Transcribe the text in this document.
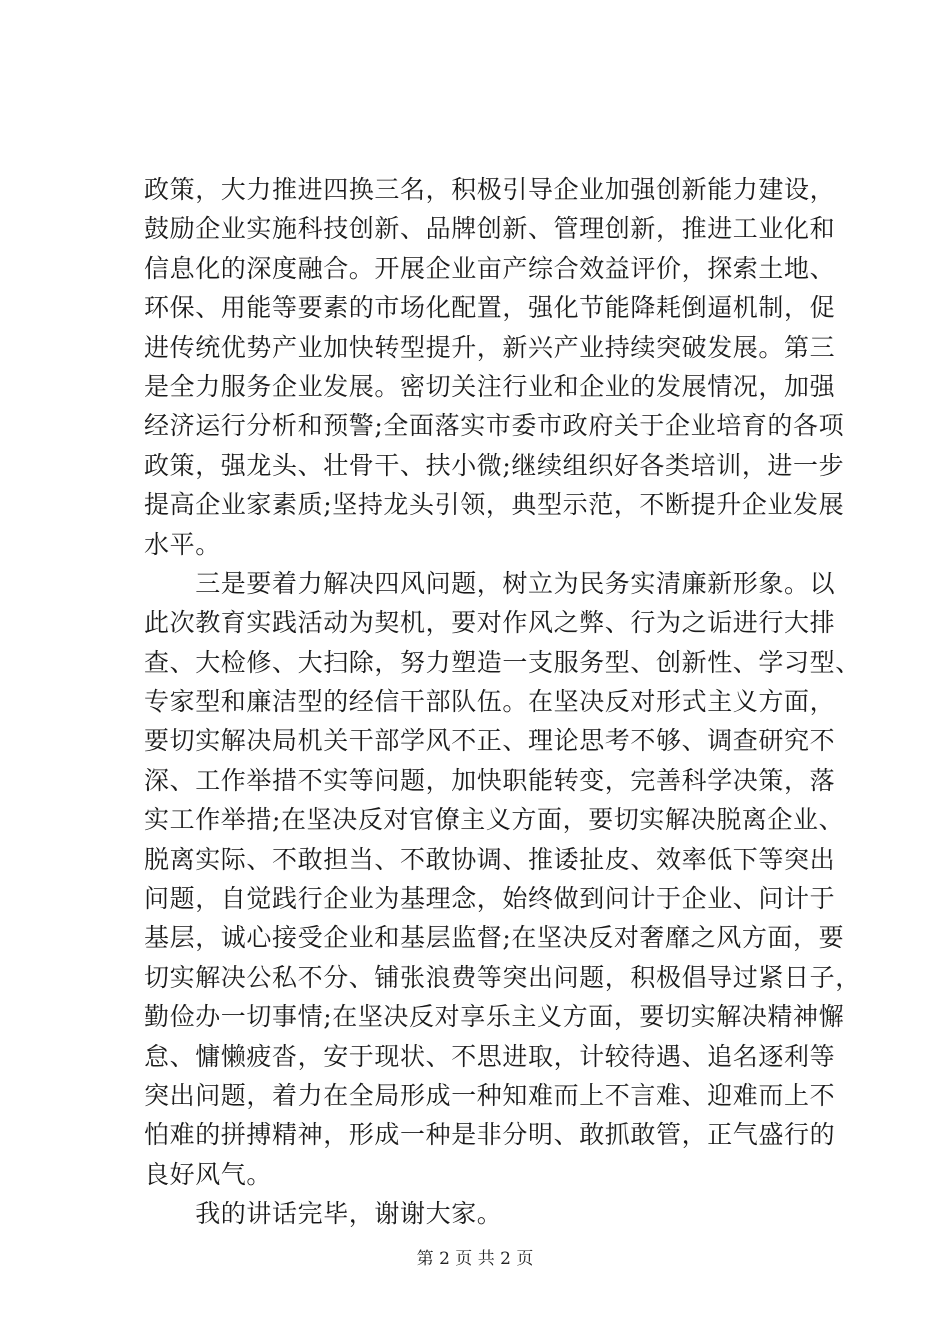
政策，大力推进四换三名，积极引导企业加强创新能力建设，
鼓励企业实施科技创新、品牌创新、管理创新，推进工业化和
信息化的深度融合。开展企业亩产综合效益评价，探索土地、
环保、用能等要素的市场化配置，强化节能降耗倒逼机制，促
进传统优势产业加快转型提升，新兴产业持续突破发展。第三
是全力服务企业发展。密切关注行业和企业的发展情况，加强
经济运行分析和预警;全面落实市委市政府关于企业培育的各项
政策，强龙头、壮骨干、扶小微;继续组织好各类培训，进一步
提高企业家素质;坚持龙头引领，典型示范，不断提升企业发展
水平。
　　三是要着力解决四风问题，树立为民务实清廉新形象。以
此次教育实践活动为契机，要对作风之弊、行为之诟进行大排
查、大检修、大扫除，努力塑造一支服务型、创新性、学习型、
专家型和廉洁型的经信干部队伍。在坚决反对形式主义方面，
要切实解决局机关干部学风不正、理论思考不够、调查研究不
深、工作举措不实等问题，加快职能转变，完善科学决策，落
实工作举措;在坚决反对官僚主义方面，要切实解决脱离企业、
脱离实际、不敢担当、不敢协调、推诿扯皮、效率低下等突出
问题，自觉践行企业为基理念，始终做到问计于企业、问计于
基层，诚心接受企业和基层监督;在坚决反对奢靡之风方面，要
切实解决公私不分、铺张浪费等突出问题，积极倡导过紧日子，
勤俭办一切事情;在坚决反对享乐主义方面，要切实解决精神懈
怠、慵懒疲沓，安于现状、不思进取，计较待遇、追名逐利等
突出问题，着力在全局形成一种知难而上不言难、迎难而上不
怕难的拼搏精神，形成一种是非分明、敢抓敢管，正气盛行的
良好风气。
　　我的讲话完毕，谢谢大家。
第 2 页 共 2 页
